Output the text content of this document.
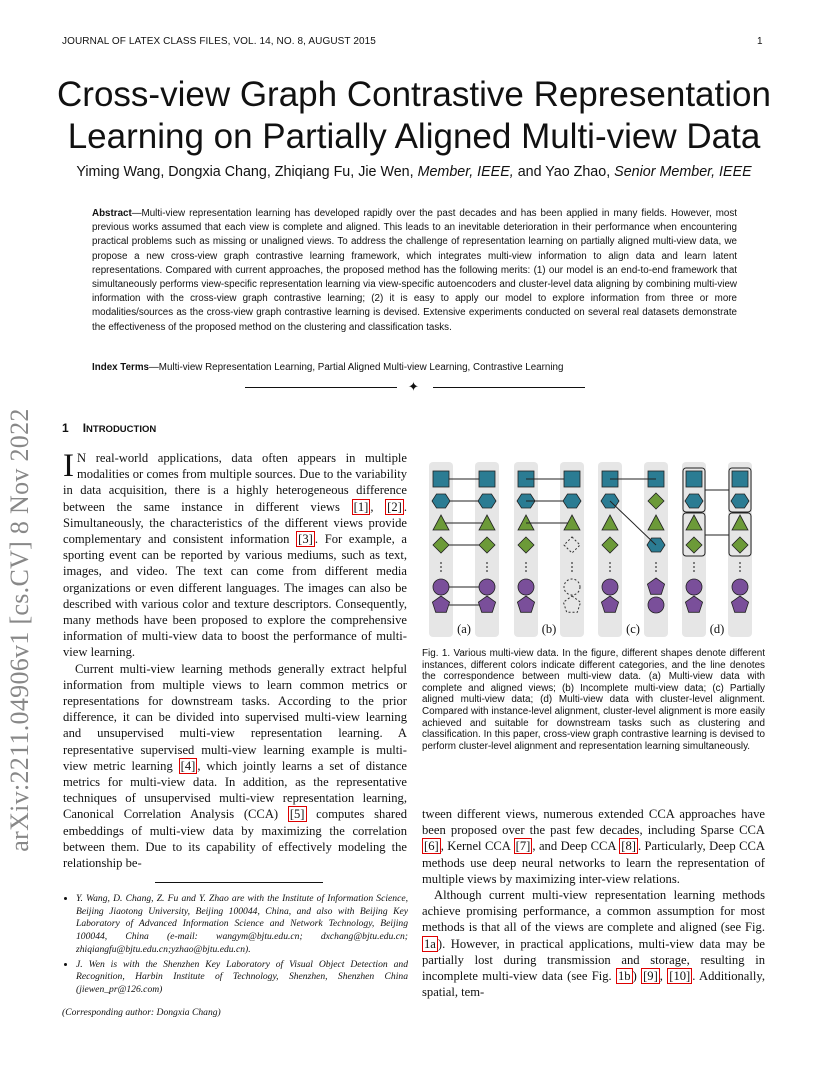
arXiv:2211.04906v1 [cs.CV] 8 Nov 2022
JOURNAL OF LATEX CLASS FILES, VOL. 14, NO. 8, AUGUST 2015	1
Cross-view Graph Contrastive Representation Learning on Partially Aligned Multi-view Data
Yiming Wang, Dongxia Chang, Zhiqiang Fu, Jie Wen, Member, IEEE, and Yao Zhao, Senior Member, IEEE
Abstract—Multi-view representation learning has developed rapidly over the past decades and has been applied in many fields. However, most previous works assumed that each view is complete and aligned. This leads to an inevitable deterioration in their performance when encountering practical problems such as missing or unaligned views. To address the challenge of representation learning on partially aligned multi-view data, we propose a new cross-view graph contrastive learning framework, which integrates multi-view information to align data and learn latent representations. Compared with current approaches, the proposed method has the following merits: (1) our model is an end-to-end framework that simultaneously performs view-specific representation learning via view-specific autoencoders and cluster-level data aligning by combining multi-view information with the cross-view graph contrastive learning; (2) it is easy to apply our model to explore information from three or more modalities/sources as the cross-view graph contrastive learning is devised. Extensive experiments conducted on several real datasets demonstrate the effectiveness of the proposed method on the clustering and classification tasks.
Index Terms—Multi-view Representation Learning, Partial Aligned Multi-view Learning, Contrastive Learning
✦
1 INTRODUCTION

I N real-world applications, data often appears in multiple modalities or comes from multiple sources. Due to the variability in data acquisition, there is a highly heterogeneous difference between the same instance in different views [1] , [2] . Simultaneously, the characteristics of the different views provide complementary and consistent information [3] . For example, a sporting event can be reported by various mediums, such as text, images, and video. The text can come from different media organizations or even different languages. The images can also be described with various color and texture descriptors. Consequently, many methods have been proposed to explore the comprehensive information of multi-view data to boost the performance of multi-view learning.

Current multi-view learning methods generally extract helpful information from multiple views to learn common metrics or representations for downstream tasks. According to the prior difference, it can be divided into supervised multi-view learning and unsupervised multi-view representation learning. A representative supervised multi-view learning example is multi-view metric learning [4] , which jointly learns a set of distance metrics for multi-view data. In addition, as the representative techniques of unsupervised multi-view representation learning, Canonical Correlation Analysis (CCA) [5] computes shared embeddings of multi-view data by maximizing the correlation between them. Due to its capability of effectively modeling the relationship be-

• Y. Wang, D. Chang, Z. Fu and Y. Zhao are with the Institute of Information Science, Beijing Jiaotong University, Beijing 100044, China, and also with Beijing Key Laboratory of Advanced Information Science and Network Technology, Beijing 100044, China (e-mail: wangym@bjtu.edu.cn; dxchang@bjtu.edu.cn; zhiqiangfu@bjtu.edu.cn;yzhao@bjtu.edu.cn).
• J. Wen is with the Shenzhen Key Laboratory of Visual Object Detection and Recognition, Harbin Institute of Technology, Shenzhen, Shenzhen China (jiewen_pr@126.com)
(Corresponding author: Dongxia Chang)
(a)	(b)	(c)	(d)
Fig. 1. Various multi-view data. In the figure, different shapes denote different instances, different colors indicate different categories, and the line denotes the correspondence between multi-view data. (a) Multi-view data with complete and aligned views; (b) Incomplete multi-view data; (c) Partially aligned multi-view data; (d) Multi-view data with cluster-level alignment. Compared with instance-level alignment, cluster-level alignment is more easily achieved and suitable for downstream tasks such as clustering and classification. In this paper, cross-view graph contrastive learning is devised to perform cluster-level alignment and representation learning simultaneously.

tween different views, numerous extended CCA approaches have been proposed over the past few decades, including Sparse CCA [6] , Kernel CCA [7] , and Deep CCA [8] . Particularly, Deep CCA methods use deep neural networks to learn the representation of multiple views by maximizing inter-view relations.

Although current multi-view representation learning methods achieve promising performance, a common assumption for most methods is that all of the views are complete and aligned (see Fig. 1a ). However, in practical applications, multi-view data may be partially lost during transmission and storage, resulting in incomplete multi-view data (see Fig. 1b ) [9] , [10] . Additionally, spatial, tem-
